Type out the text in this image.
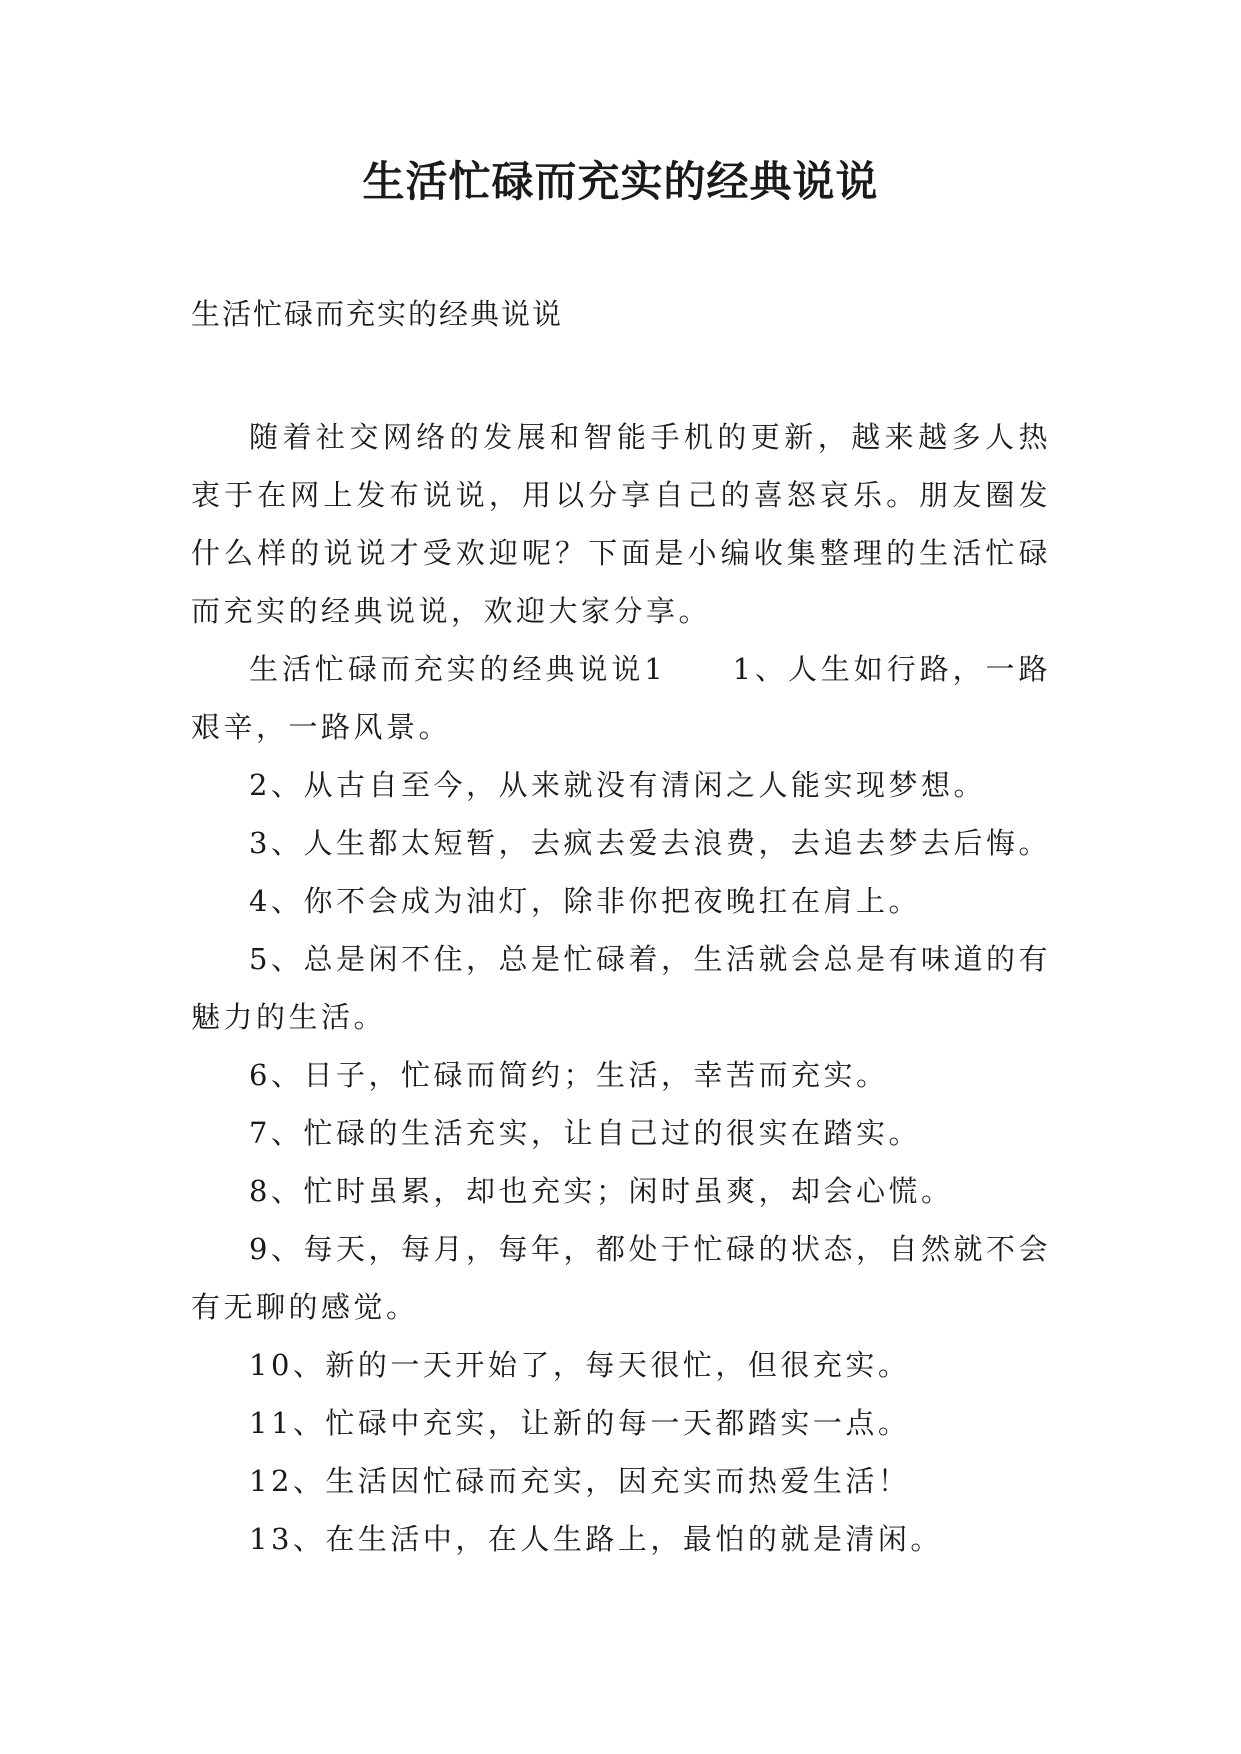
生活忙碌而充实的经典说说

生活忙碌而充实的经典说说

随着社交网络的发展和智能手机的更新，越来越多人热衷于在网上发布说说，用以分享自己的喜怒哀乐。朋友圈发什么样的说说才受欢迎呢？下面是小编收集整理的生活忙碌而充实的经典说说，欢迎大家分享。

生活忙碌而充实的经典说说1　　1、人生如行路，一路艰辛，一路风景。

2、从古自至今，从来就没有清闲之人能实现梦想。

3、人生都太短暂，去疯去爱去浪费，去追去梦去后悔。

4、你不会成为油灯，除非你把夜晚扛在肩上。

5、总是闲不住，总是忙碌着，生活就会总是有味道的有魅力的生活。

6、日子，忙碌而简约；生活，幸苦而充实。

7、忙碌的生活充实，让自己过的很实在踏实。

8、忙时虽累，却也充实；闲时虽爽，却会心慌。

9、每天，每月，每年，都处于忙碌的状态，自然就不会有无聊的感觉。

10、新的一天开始了，每天很忙，但很充实。

11、忙碌中充实，让新的每一天都踏实一点。

12、生活因忙碌而充实，因充实而热爱生活！

13、在生活中，在人生路上，最怕的就是清闲。
